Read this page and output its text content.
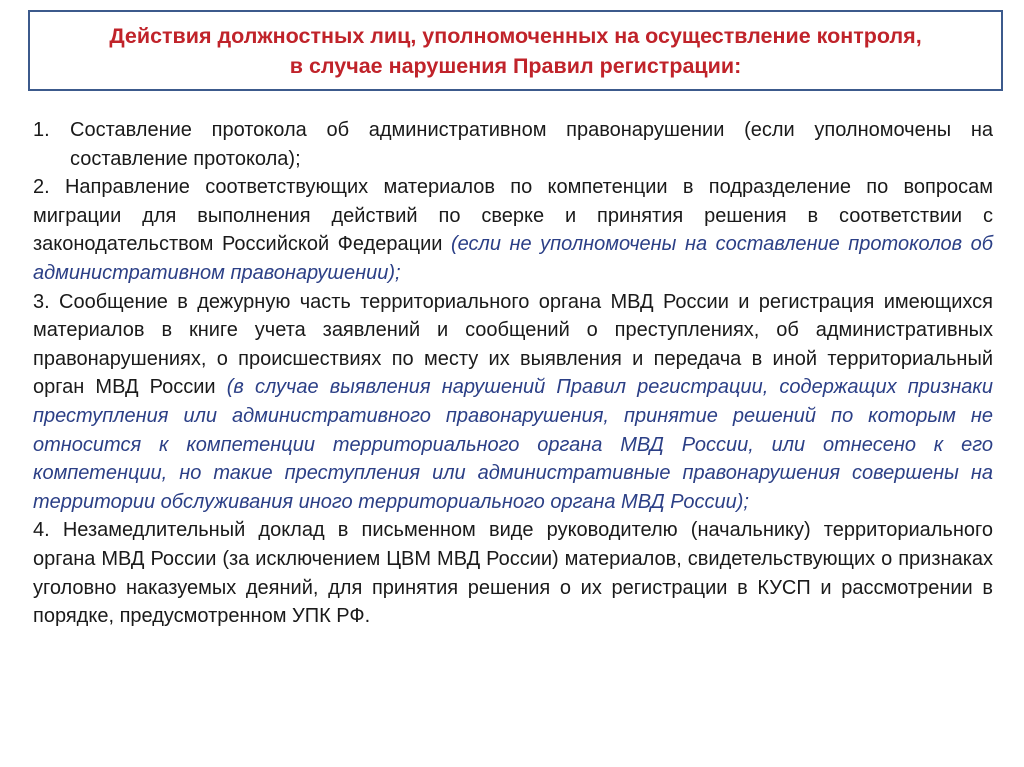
Действия должностных лиц, уполномоченных на осуществление контроля,
в случае нарушения Правил регистрации:
1.	Составление протокола об административном правонарушении (если уполномочены на составление протокола);

2. Направление соответствующих материалов по компетенции в подразделение по вопросам миграции для выполнения действий по сверке и принятия решения в соответствии с законодательством Российской Федерации (если не уполномочены на составление протоколов об административном правонарушении);

3. Сообщение в дежурную часть территориального органа МВД России и регистрация имеющихся материалов в книге учета заявлений и сообщений о преступлениях, об административных правонарушениях, о происшествиях по месту их выявления и передача в иной территориальный орган МВД России (в случае выявления нарушений Правил регистрации, содержащих признаки преступления или административного правонарушения, принятие решений по которым не относится к компетенции территориального органа МВД России, или отнесено к его компетенции, но такие преступления или административные правонарушения совершены на территории обслуживания иного территориального органа МВД России);

4. Незамедлительный доклад в письменном виде руководителю (начальнику) территориального органа МВД России (за исключением ЦВМ МВД России) материалов, свидетельствующих о признаках уголовно наказуемых деяний, для принятия решения о их регистрации в КУСП и рассмотрении в порядке, предусмотренном УПК РФ.
